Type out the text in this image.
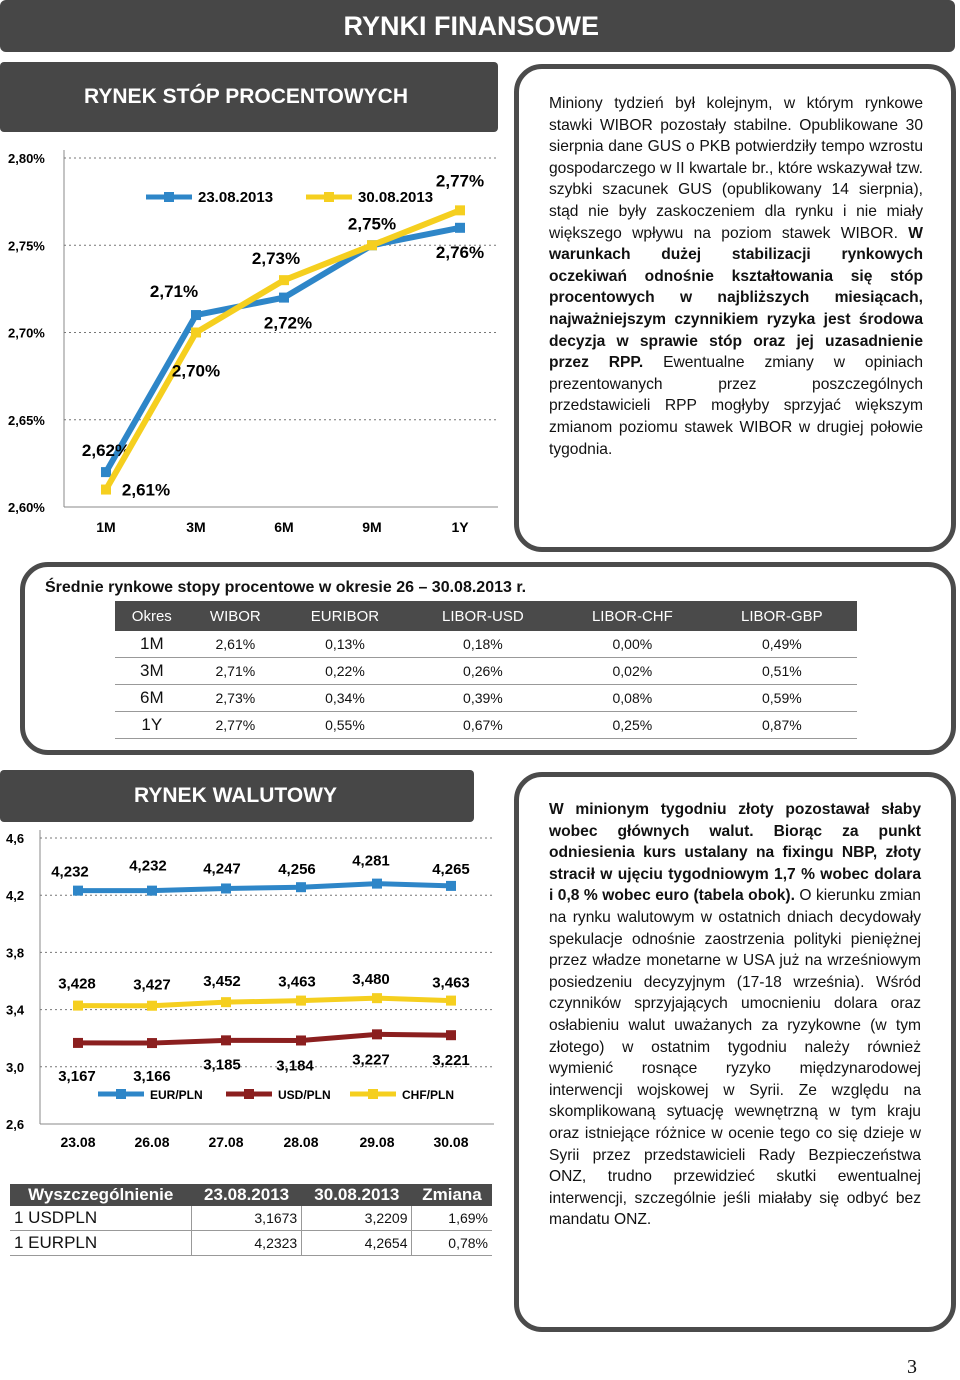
RYNKI FINANSOWE
RYNEK STÓP PROCENTOWYCH
2,60%
2,65%
2,70%
2,75%
2,80%
1M	3M	6M	9M	1Y
2,62%
2,71%
2,72%
2,76%
2,61%
2,70%
2,73%
2,75%
2,77%
23.08.2013	30.08.2013

Miniony tydzień był kolejnym, w którym rynkowe stawki WIBOR pozostały stabilne. Opublikowane 30 sierpnia dane GUS o PKB potwierdziły tempo wzrostu gospodarczego w II kwartale br., które wskazywał tzw. szybki szacunek GUS (opublikowany 14 sierpnia), stąd nie były zaskoczeniem dla rynku i nie miały większego wpływu na poziom stawek WIBOR. W warunkach dużej stabilizacji rynkowych oczekiwań odnośnie kształtowania się stóp procentowych w najbliższych miesiącach, najważniejszym czynnikiem ryzyka jest środowa decyzja w sprawie stóp oraz jej uzasadnienie przez RPP. Ewentualne zmiany w opiniach prezentowanych przez poszczególnych przedstawicieli RPP mogłyby sprzyjać większym zmianom poziomu stawek WIBOR w drugiej połowie tygodnia.

Średnie rynkowe stopy procentowe w okresie 26 – 30.08.2013 r.
Okres	WIBOR	EURIBOR	LIBOR-USD	LIBOR-CHF	LIBOR-GBP
1M	2,61%	0,13%	0,18%	0,00%	0,49%
3M	2,71%	0,22%	0,26%	0,02%	0,51%
6M	2,73%	0,34%	0,39%	0,08%	0,59%
1Y	2,77%	0,55%	0,67%	0,25%	0,87%
RYNEK WALUTOWY
2,6
3,0
3,4
3,8
4,2
4,6
23.08	26.08	27.08	28.08	29.08	30.08
4,232	4,232 4,247 4,256
4,281	4,265
3,167 3,166
3,185 3,184	3,227	3,221
3,428 3,427 3,452 3,463 3,480	3,463
EUR/PLN	USD/PLN	CHF/PLN
Wyszczególnienie	23.08.2013	30.08.2013	Zmiana
1 USDPLN	3,1673	3,2209	1,69%
1 EURPLN	4,2323	4,2654	0,78%

W minionym tygodniu złoty pozostawał słaby wobec głównych walut. Biorąc za punkt odniesienia kurs ustalany na fixingu NBP, złoty stracił w ujęciu tygodniowym 1,7 % wobec dolara i 0,8 % wobec euro (tabela obok). O kierunku zmian na rynku walutowym w ostatnich dniach decydowały spekulacje odnośnie zaostrzenia polityki pieniężnej przez władze monetarne w USA już na wrześniowym posiedzeniu decyzyjnym (17-18 września). Wśród czynników sprzyjających umocnieniu dolara oraz osłabieniu walut uważanych za ryzykowne (w tym złotego) w ostatnim tygodniu należy również wymienić rosnące ryzyko międzynarodowej interwencji wojskowej w Syrii. Ze względu na skomplikowaną sytuację wewnętrzną w tym kraju oraz istniejące różnice w ocenie tego co się dzieje w Syrii przez przedstawicieli Rady Bezpieczeństwa ONZ, trudno przewidzieć skutki ewentualnej interwencji, szczególnie jeśli miałaby się odbyć bez mandatu ONZ.

3
